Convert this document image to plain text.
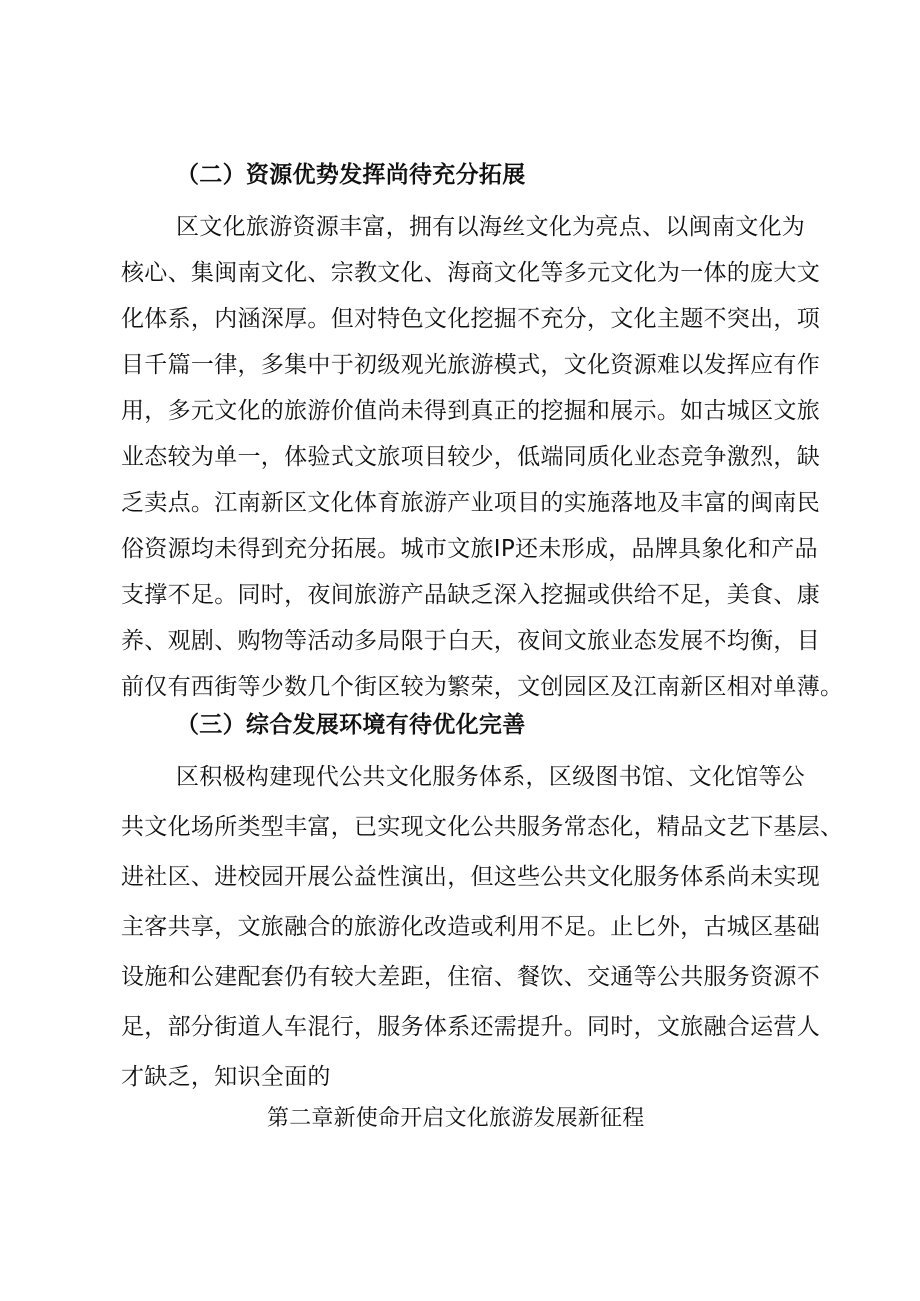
（二）资源优势发挥尚待充分拓展
区文化旅游资源丰富，拥有以海丝文化为亮点、以闽南文化为
核心、集闽南文化、宗教文化、海商文化等多元文化为一体的庞大文
化体系，内涵深厚。但对特色文化挖掘不充分，文化主题不突出，项
目千篇一律，多集中于初级观光旅游模式，文化资源难以发挥应有作
用，多元文化的旅游价值尚未得到真正的挖掘和展示。如古城区文旅
业态较为单一，体验式文旅项目较少，低端同质化业态竞争激烈，缺
乏卖点。江南新区文化体育旅游产业项目的实施落地及丰富的闽南民
俗资源均未得到充分拓展。城市文旅IP还未形成，品牌具象化和产品
支撑不足。同时，夜间旅游产品缺乏深入挖掘或供给不足，美食、康
养、观剧、购物等活动多局限于白天，夜间文旅业态发展不均衡，目
前仅有西街等少数几个街区较为繁荣，文创园区及江南新区相对单薄。
（三）综合发展环境有待优化完善
区积极构建现代公共文化服务体系，区级图书馆、文化馆等公
共文化场所类型丰富，已实现文化公共服务常态化，精品文艺下基层、
进社区、进校园开展公益性演出，但这些公共文化服务体系尚未实现
主客共享，文旅融合的旅游化改造或利用不足。止匕外，古城区基础
设施和公建配套仍有较大差距，住宿、餐饮、交通等公共服务资源不
足，部分街道人车混行，服务体系还需提升。同时，文旅融合运营人
才缺乏，知识全面的
第二章新使命开启文化旅游发展新征程
